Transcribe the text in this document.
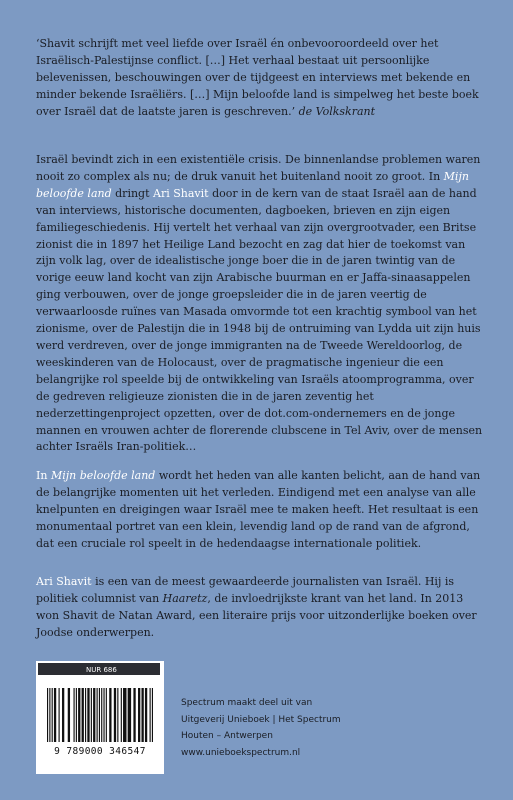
‘Shavit schrijft met veel liefde over Israël én onbevooroordeeld over het Israëlisch-Palestijnse conflict. […] Het verhaal bestaat uit persoonlijke belevenissen, beschouwingen over de tijdgeest en interviews met bekende en minder bekende Israëliërs. […] Mijn beloofde land is simpelweg het beste boek over Israël dat de laatste jaren is geschreven.’ de Volkskrant

Israël bevindt zich in een existentiële crisis. De binnenlandse problemen waren nooit zo complex als nu; de druk vanuit het buitenland nooit zo groot. In Mijn beloofde land dringt Ari Shavit door in de kern van de staat Israël aan de hand van interviews, historische documenten, dagboeken, brieven en zijn eigen familiegeschiedenis. Hij vertelt het verhaal van zijn overgrootvader, een Britse zionist die in 1897 het Heilige Land bezocht en zag dat hier de toekomst van zijn volk lag, over de idealistische jonge boer die in de jaren twintig van de vorige eeuw land kocht van zijn Arabische buurman en er Jaffa-sinaasappelen ging verbouwen, over de jonge groepsleider die in de jaren veertig de verwaarloosde ruïnes van Masada omvormde tot een krachtig symbool van het zionisme, over de Palestijn die in 1948 bij de ontruiming van Lydda uit zijn huis werd verdreven, over de jonge immigranten na de Tweede Wereldoorlog, de weeskinderen van de Holocaust, over de pragmatische ingenieur die een belangrijke rol speelde bij de ontwikkeling van Israëls atoomprogramma, over de gedreven religieuze zionisten die in de jaren zeventig het nederzettingenproject opzetten, over de dot.com-ondernemers en de jonge mannen en vrouwen achter de florerende clubscene in Tel Aviv, over de mensen achter Israëls Iran-politiek…

In Mijn beloofde land wordt het heden van alle kanten belicht, aan de hand van de belangrijke momenten uit het verleden. Eindigend met een analyse van alle knelpunten en dreigingen waar Israël mee te maken heeft. Het resultaat is een monumentaal portret van een klein, levendig land op de rand van de afgrond, dat een cruciale rol speelt in de hedendaagse internationale politiek.

Ari Shavit is een van de meest gewaardeerde journalisten van Israël. Hij is politiek columnist van Haaretz, de invloedrijkste krant van het land. In 2013 won Shavit de Natan Award, een literaire prijs voor uitzonderlijke boeken over Joodse onderwerpen.

NUR 686
9 789000 346547
Spectrum maakt deel uit van
Uitgeverij Unieboek | Het Spectrum
Houten – Antwerpen
www.unieboekspectrum.nl
